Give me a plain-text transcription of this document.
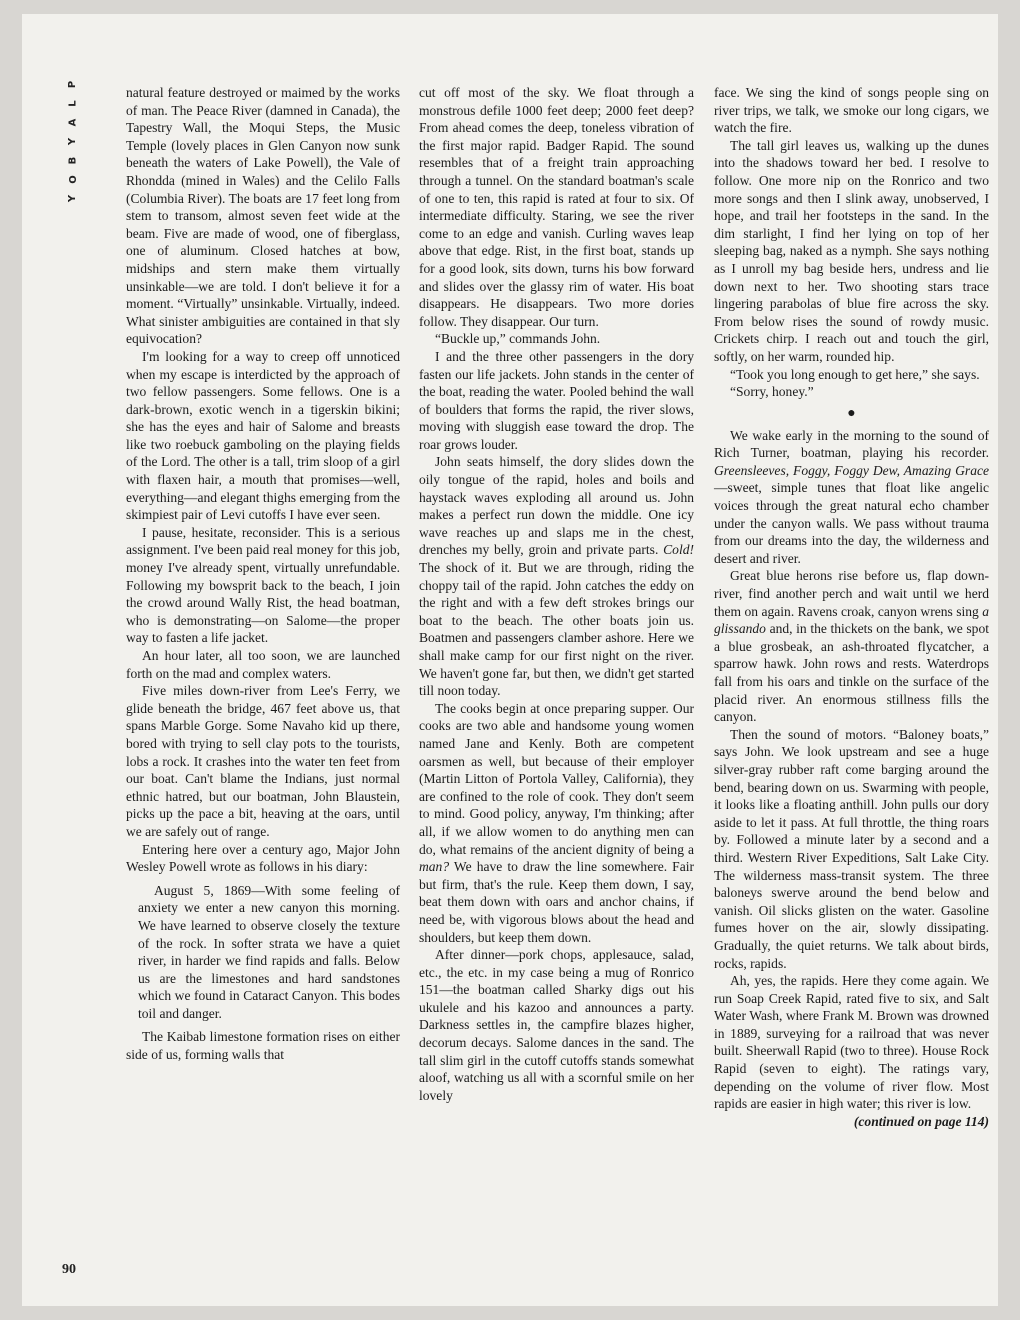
P
L
A
Y
B
O
Y
90

natural feature destroyed or maimed by the works of man. The Peace River (damned in Canada), the Tapestry Wall, the Moqui Steps, the Music Temple (lovely places in Glen Canyon now sunk beneath the waters of Lake Powell), the Vale of Rhondda (mined in Wales) and the Celilo Falls (Columbia River). The boats are 17 feet long from stem to transom, almost seven feet wide at the beam. Five are made of wood, one of fiberglass, one of aluminum. Closed hatches at bow, midships and stern make them virtually unsinkable—we are told. I don't believe it for a moment. “Virtually” unsinkable. Virtually, indeed. What sinister ambiguities are contained in that sly equivocation?

I'm looking for a way to creep off unnoticed when my escape is interdicted by the approach of two fellow passengers. Some fellows. One is a dark-brown, exotic wench in a tigerskin bikini; she has the eyes and hair of Salome and breasts like two roebuck gamboling on the playing fields of the Lord. The other is a tall, trim sloop of a girl with flaxen hair, a mouth that promises—well, everything—and elegant thighs emerging from the skimpiest pair of Levi cutoffs I have ever seen.

I pause, hesitate, reconsider. This is a serious assignment. I've been paid real money for this job, money I've already spent, virtually unrefundable. Following my bowsprit back to the beach, I join the crowd around Wally Rist, the head boatman, who is demonstrating—on Salome—the proper way to fasten a life jacket.

An hour later, all too soon, we are launched forth on the mad and complex waters.

Five miles down-river from Lee's Ferry, we glide beneath the bridge, 467 feet above us, that spans Marble Gorge. Some Navaho kid up there, bored with trying to sell clay pots to the tourists, lobs a rock. It crashes into the water ten feet from our boat. Can't blame the Indians, just normal ethnic hatred, but our boatman, John Blaustein, picks up the pace a bit, heaving at the oars, until we are safely out of range.

Entering here over a century ago, Major John Wesley Powell wrote as follows in his diary:

August 5, 1869—With some feeling of anxiety we enter a new canyon this morning. We have learned to observe closely the texture of the rock. In softer strata we have a quiet river, in harder we find rapids and falls. Below us are the limestones and hard sandstones which we found in Cataract Canyon. This bodes toil and danger.

The Kaibab limestone formation rises on either side of us, forming walls that

cut off most of the sky. We float through a monstrous defile 1000 feet deep; 2000 feet deep? From ahead comes the deep, toneless vibration of the first major rapid. Badger Rapid. The sound resembles that of a freight train approaching through a tunnel. On the standard boatman's scale of one to ten, this rapid is rated at four to six. Of intermediate difficulty. Staring, we see the river come to an edge and vanish. Curling waves leap above that edge. Rist, in the first boat, stands up for a good look, sits down, turns his bow forward and slides over the glassy rim of water. His boat disappears. He disappears. Two more dories follow. They disappear. Our turn.

“Buckle up,” commands John.

I and the three other passengers in the dory fasten our life jackets. John stands in the center of the boat, reading the water. Pooled behind the wall of boulders that forms the rapid, the river slows, moving with sluggish ease toward the drop. The roar grows louder.

John seats himself, the dory slides down the oily tongue of the rapid, holes and boils and haystack waves exploding all around us. John makes a perfect run down the middle. One icy wave reaches up and slaps me in the chest, drenches my belly, groin and private parts. Cold! The shock of it. But we are through, riding the choppy tail of the rapid. John catches the eddy on the right and with a few deft strokes brings our boat to the beach. The other boats join us. Boatmen and passengers clamber ashore. Here we shall make camp for our first night on the river. We haven't gone far, but then, we didn't get started till noon today.

The cooks begin at once preparing supper. Our cooks are two able and handsome young women named Jane and Kenly. Both are competent oarsmen as well, but because of their employer (Martin Litton of Portola Valley, California), they are confined to the role of cook. They don't seem to mind. Good policy, anyway, I'm thinking; after all, if we allow women to do anything men can do, what remains of the ancient dignity of being a man? We have to draw the line somewhere. Fair but firm, that's the rule. Keep them down, I say, beat them down with oars and anchor chains, if need be, with vigorous blows about the head and shoulders, but keep them down.

After dinner—pork chops, applesauce, salad, etc., the etc. in my case being a mug of Ronrico 151—the boatman called Sharky digs out his ukulele and his kazoo and announces a party. Darkness settles in, the campfire blazes higher, decorum decays. Salome dances in the sand. The tall slim girl in the cutoff cutoffs stands somewhat aloof, watching us all with a scornful smile on her lovely

face. We sing the kind of songs people sing on river trips, we talk, we smoke our long cigars, we watch the fire.

The tall girl leaves us, walking up the dunes into the shadows toward her bed. I resolve to follow. One more nip on the Ronrico and two more songs and then I slink away, unobserved, I hope, and trail her footsteps in the sand. In the dim starlight, I find her lying on top of her sleeping bag, naked as a nymph. She says nothing as I unroll my bag beside hers, undress and lie down next to her. Two shooting stars trace lingering parabolas of blue fire across the sky. From below rises the sound of rowdy music. Crickets chirp. I reach out and touch the girl, softly, on her warm, rounded hip.

“Took you long enough to get here,” she says.

“Sorry, honey.”

●

We wake early in the morning to the sound of Rich Turner, boatman, playing his recorder. Greensleeves, Foggy, Foggy Dew, Amazing Grace—sweet, simple tunes that float like angelic voices through the great natural echo chamber under the canyon walls. We pass without trauma from our dreams into the day, the wilderness and desert and river.

Great blue herons rise before us, flap down-river, find another perch and wait until we herd them on again. Ravens croak, canyon wrens sing a glissando and, in the thickets on the bank, we spot a blue grosbeak, an ash-throated flycatcher, a sparrow hawk. John rows and rests. Waterdrops fall from his oars and tinkle on the surface of the placid river. An enormous stillness fills the canyon.

Then the sound of motors. “Baloney boats,” says John. We look upstream and see a huge silver-gray rubber raft come barging around the bend, bearing down on us. Swarming with people, it looks like a floating anthill. John pulls our dory aside to let it pass. At full throttle, the thing roars by. Followed a minute later by a second and a third. Western River Expeditions, Salt Lake City. The wilderness mass-transit system. The three baloneys swerve around the bend below and vanish. Oil slicks glisten on the water. Gasoline fumes hover on the air, slowly dissipating. Gradually, the quiet returns. We talk about birds, rocks, rapids.

Ah, yes, the rapids. Here they come again. We run Soap Creek Rapid, rated five to six, and Salt Water Wash, where Frank M. Brown was drowned in 1889, surveying for a railroad that was never built. Sheerwall Rapid (two to three). House Rock Rapid (seven to eight). The ratings vary, depending on the volume of river flow. Most rapids are easier in high water; this river is low.

(continued on page 114)
